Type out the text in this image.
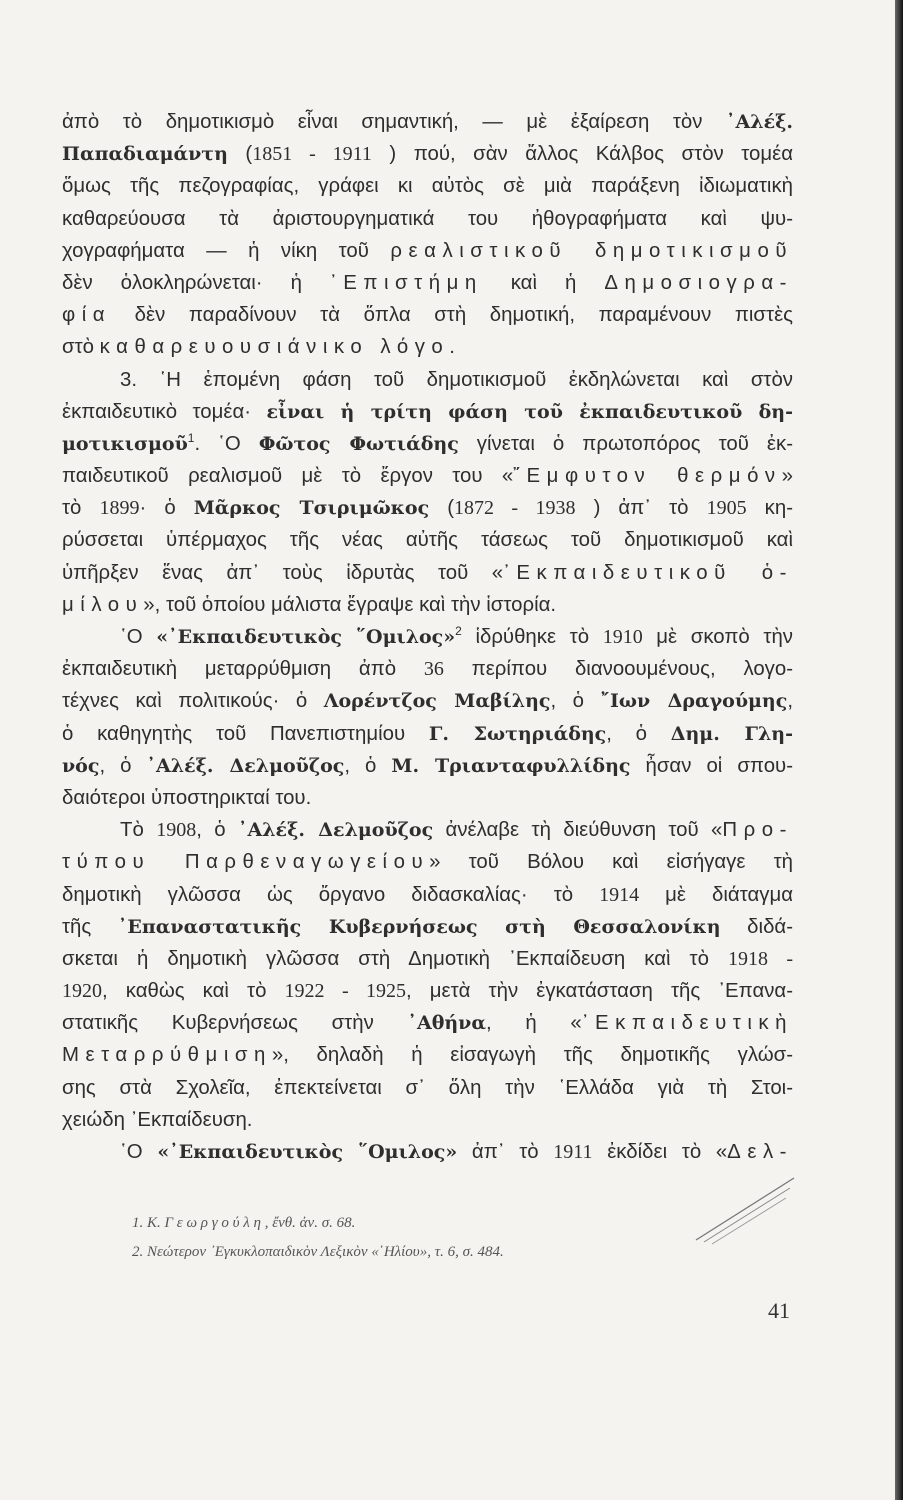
ἀπὸ τὸ δημοτικισμὸ εἶναι σημαντική, — μὲ ἐξαίρεση τὸν ᾽Αλέξ.
Παπαδιαμάντη (1851 - 1911 ) πού, σὰν ἄλλος Κάλβος στὸν τομέα
ὅμως τῆς πεζογραφίας, γράφει κι αὐτὸς σὲ μιὰ παράξενη ἰδιωματικὴ
καθαρεύουσα τὰ ἀριστουργηματικά του ἠθογραφήματα καὶ ψυ-
χογραφήματα — ἡ νίκη τοῦ ρεαλιστικοῦ δημοτικισμοῦ
δὲν ὁλοκληρώνεται· ἡ ᾽Επιστήμη καὶ ἡ Δημοσιογρα-
φία δὲν παραδίνουν τὰ ὅπλα στὴ δημοτική, παραμένουν πιστὲς
στὸ καθαρευουσιάνικο λόγο.
3. ῾Η ἑπομένη φάση τοῦ δημοτικισμοῦ ἐκδηλώνεται καὶ στὸν
ἐκπαιδευτικὸ τομέα· εἶναι ἡ τρίτη φάση τοῦ ἐκπαιδευτικοῦ δη-
μοτικισμοῦ$^1$. ῾Ο Φῶτος Φωτιάδης γίνεται ὁ πρωτοπόρος τοῦ ἐκ-
παιδευτικοῦ ρεαλισμοῦ μὲ τὸ ἔργον του «῎Εμφυτον θερμόν»
τὸ 1899· ὁ Μᾶρκος Τσιριμῶκος (1872 - 1938 ) ἀπ᾽ τὸ 1905 κη-
ρύσσεται ὑπέρμαχος τῆς νέας αὐτῆς τάσεως τοῦ δημοτικισμοῦ καὶ
ὑπῆρξεν ἕνας ἀπ᾽ τοὺς ἱδρυτὰς τοῦ «᾽Εκπαιδευτικοῦ ὁ-
μίλου», τοῦ ὁποίου μάλιστα ἔγραψε καὶ τὴν ἱστορία.
῾Ο «᾽Εκπαιδευτικὸς ῞Ομιλος»$^2$ ἱδρύθηκε τὸ 1910 μὲ σκοπὸ τὴν
ἐκπαιδευτικὴ μεταρρύθμιση ἀπὸ 36 περίπου διανοουμένους, λογο-
τέχνες καὶ πολιτικούς· ὁ Λορέντζος Μαβίλης, ὁ ῎Ιων Δραγούμης,
ὁ καθηγητὴς τοῦ Πανεπιστημίου Γ. Σωτηριάδης, ὁ Δημ. Γλη-
νός, ὁ ᾽Αλέξ. Δελμοῦζος, ὁ Μ. Τριανταφυλλίδης ἦσαν οἱ σπου-
δαιότεροι ὑποστηρικταί του.
Τὸ 1908, ὁ ᾽Αλέξ. Δελμοῦζος ἀνέλαβε τὴ διεύθυνση τοῦ «Προ-
τύπου Παρθεναγωγείου» τοῦ Βόλου καὶ εἰσήγαγε τὴ
δημοτικὴ γλῶσσα ὡς ὄργανο διδασκαλίας· τὸ 1914 μὲ διάταγμα
τῆς ᾽Επαναστατικῆς Κυβερνήσεως στὴ Θεσσαλονίκη διδά-
σκεται ἡ δημοτικὴ γλῶσσα στὴ Δημοτικὴ ᾽Εκπαίδευση καὶ τὸ 1918 -
1920, καθὼς καὶ τὸ 1922 - 1925, μετὰ τὴν ἐγκατάσταση τῆς ᾽Επανα-
στατικῆς Κυβερνήσεως στὴν ᾽Αθήνα, ἡ «᾽Εκπαιδευτικὴ
Μεταρρύθμιση», δηλαδὴ ἡ εἰσαγωγὴ τῆς δημοτικῆς γλώσ-
σης στὰ Σχολεῖα, ἐπεκτείνεται σ᾽ ὅλη τὴν ῾Ελλάδα γιὰ τὴ Στοι-
χειώδη ᾽Εκπαίδευση.
῾Ο «᾽Εκπαιδευτικὸς ῞Ομιλος» ἀπ᾽ τὸ 1911 ἐκδίδει τὸ «Δελ-
1. Κ. Γεωργούλη, ἔνθ. ἀν. σ. 68.
2. Νεώτερον ᾽Εγκυκλοπαιδικὸν Λεξικὸν «῾Ηλίου», τ. 6, σ. 484.
41
